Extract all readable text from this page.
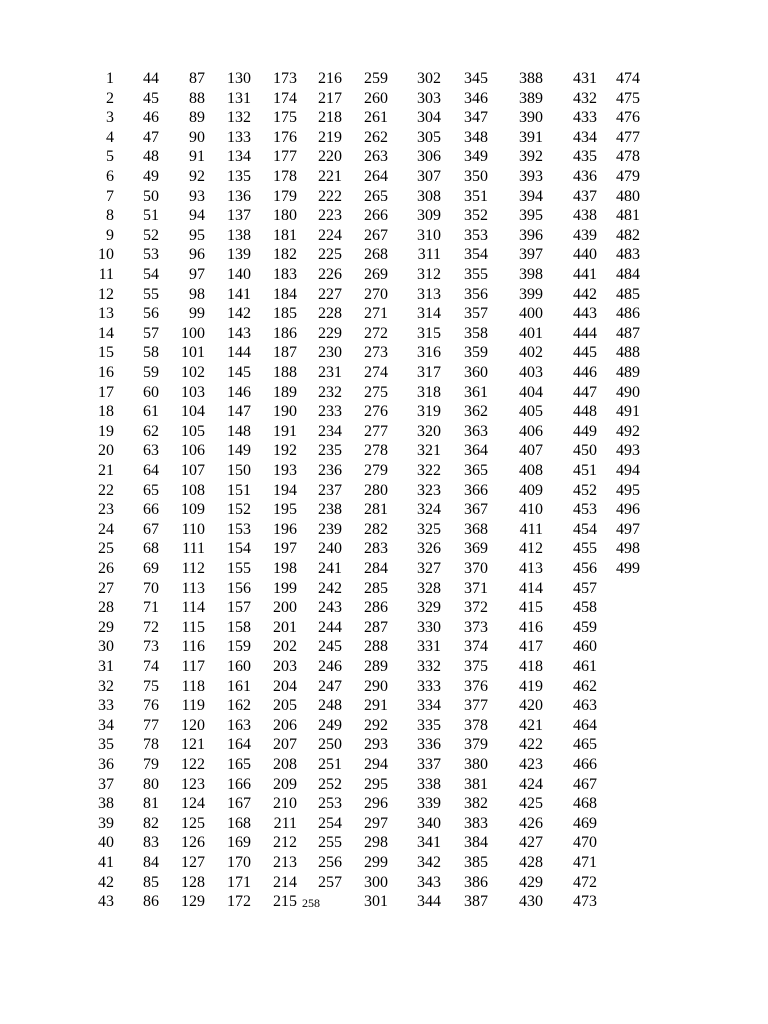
1
2
3
4
5
6
7
8
9
10
11
12
13
14
15
16
17
18
19
20
21
22
23
24
25
26
27
28
29
30
31
32
33
34
35
36
37
38
39
40
41
42
43
44
45
46
47
48
49
50
51
52
53
54
55
56
57
58
59
60
61
62
63
64
65
66
67
68
69
70
71
72
73
74
75
76
77
78
79
80
81
82
83
84
85
86
87
88
89
90
91
92
93
94
95
96
97
98
99
100
101
102
103
104
105
106
107
108
109
110
111
112
113
114
115
116
117
118
119
120
121
122
123
124
125
126
127
128
129
130
131
132
133
134
135
136
137
138
139
140
141
142
143
144
145
146
147
148
149
150
151
152
153
154
155
156
157
158
159
160
161
162
163
164
165
166
167
168
169
170
171
172
173
174
175
176
177
178
179
180
181
182
183
184
185
186
187
188
189
190
191
192
193
194
195
196
197
198
199
200
201
202
203
204
205
206
207
208
209
210
211
212
213
214
215
216
217
218
219
220
221
222
223
224
225
226
227
228
229
230
231
232
233
234
235
236
237
238
239
240
241
242
243
244
245
246
247
248
249
250
251
252
253
254
255
256
257
258
259
260
261
262
263
264
265
266
267
268
269
270
271
272
273
274
275
276
277
278
279
280
281
282
283
284
285
286
287
288
289
290
291
292
293
294
295
296
297
298
299
300
301
302
303
304
305
306
307
308
309
310
311
312
313
314
315
316
317
318
319
320
321
322
323
324
325
326
327
328
329
330
331
332
333
334
335
336
337
338
339
340
341
342
343
344
345
346
347
348
349
350
351
352
353
354
355
356
357
358
359
360
361
362
363
364
365
366
367
368
369
370
371
372
373
374
375
376
377
378
379
380
381
382
383
384
385
386
387
388
389
390
391
392
393
394
395
396
397
398
399
400
401
402
403
404
405
406
407
408
409
410
411
412
413
414
415
416
417
418
419
420
421
422
423
424
425
426
427
428
429
430
431
432
433
434
435
436
437
438
439
440
441
442
443
444
445
446
447
448
449
450
451
452
453
454
455
456
457
458
459
460
461
462
463
464
465
466
467
468
469
470
471
472
473
474
475
476
477
478
479
480
481
482
483
484
485
486
487
488
489
490
491
492
493
494
495
496
497
498
499
